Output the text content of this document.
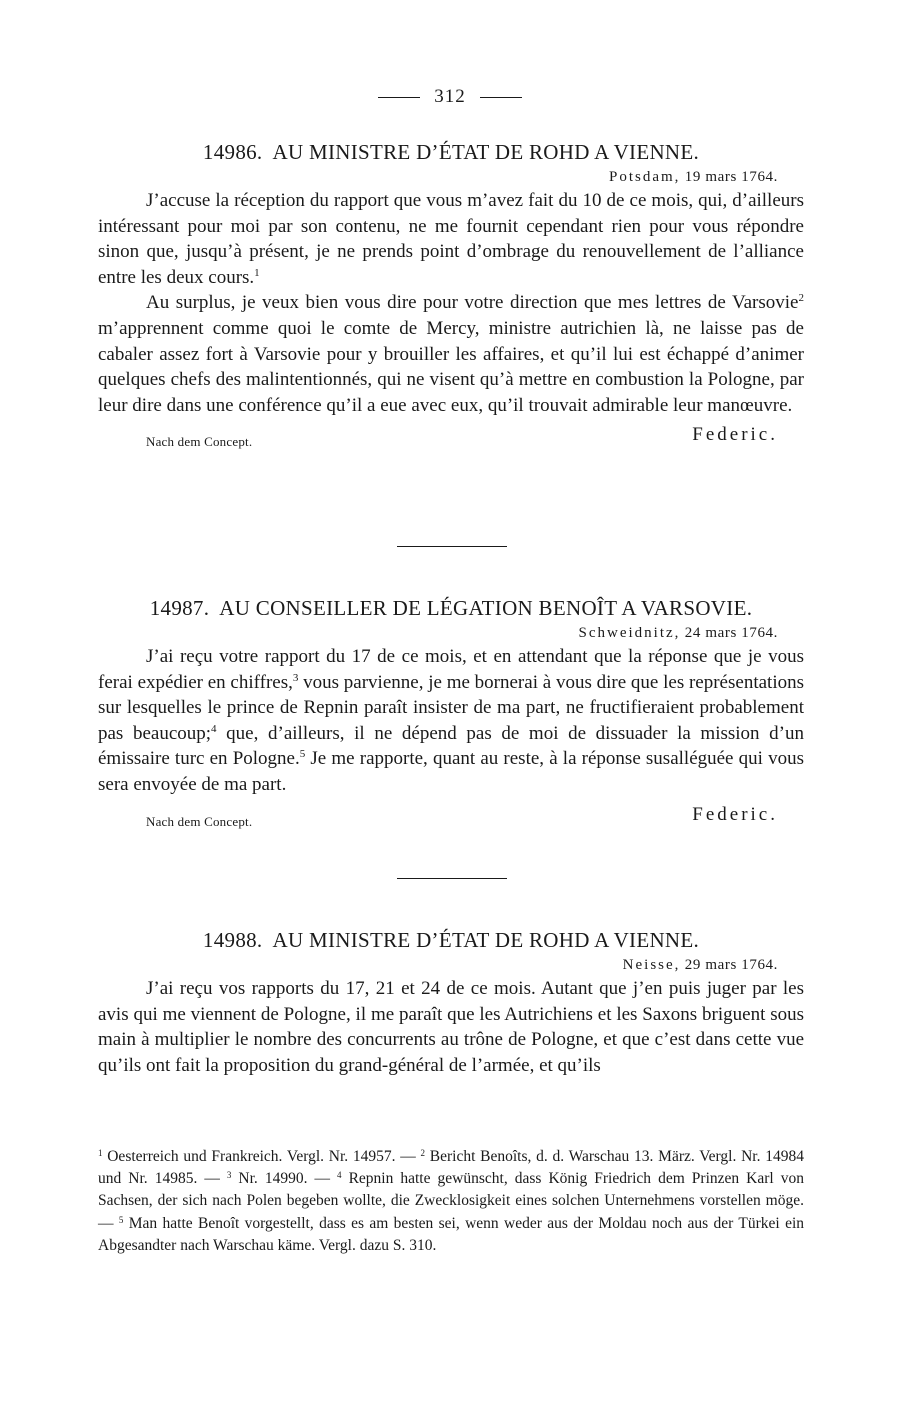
312
14986. AU MINISTRE D’ÉTAT DE ROHD A VIENNE.
Potsdam, 19 mars 1764.

J’accuse la réception du rapport que vous m’avez fait du 10 de ce mois, qui, d’ailleurs intéressant pour moi par son contenu, ne me fournit cependant rien pour vous répondre sinon que, jusqu’à présent, je ne prends point d’ombrage du renouvellement de l’alliance entre les deux cours.$^1$

Au surplus, je veux bien vous dire pour votre direction que mes lettres de Varsovie$^2$ m’apprennent comme quoi le comte de Mercy, ministre autrichien là, ne laisse pas de cabaler assez fort à Varsovie pour y brouiller les affaires, et qu’il lui est échappé d’animer quelques chefs des malintentionnés, qui ne visent qu’à mettre en combustion la Pologne, par leur dire dans une conférence qu’il a eue avec eux, qu’il trouvait admirable leur manœuvre.

Nach dem Concept.	Federic.
14987. AU CONSEILLER DE LÉGATION BENOÎT A VARSOVIE.
Schweidnitz, 24 mars 1764.

J’ai reçu votre rapport du 17 de ce mois, et en attendant que la réponse que je vous ferai expédier en chiffres,$^3$ vous parvienne, je me bornerai à vous dire que les représentations sur lesquelles le prince de Repnin paraît insister de ma part, ne fructifieraient probablement pas beaucoup;$^4$ que, d’ailleurs, il ne dépend pas de moi de dissuader la mission d’un émissaire turc en Pologne.$^5$ Je me rapporte, quant au reste, à la réponse susalléguée qui vous sera envoyée de ma part.

Nach dem Concept.	Federic.
14988. AU MINISTRE D’ÉTAT DE ROHD A VIENNE.
Neisse, 29 mars 1764.

J’ai reçu vos rapports du 17, 21 et 24 de ce mois. Autant que j’en puis juger par les avis qui me viennent de Pologne, il me paraît que les Autrichiens et les Saxons briguent sous main à multiplier le nombre des concurrents au trône de Pologne, et que c’est dans cette vue qu’ils ont fait la proposition du grand-général de l’armée, et qu’ils

$^1$ Oesterreich und Frankreich. Vergl. Nr. 14957. — $^2$ Bericht Benoîts, d. d. Warschau 13. März. Vergl. Nr. 14984 und Nr. 14985. — $^3$ Nr. 14990. — $^4$ Repnin hatte gewünscht, dass König Friedrich dem Prinzen Karl von Sachsen, der sich nach Polen begeben wollte, die Zwecklosigkeit eines solchen Unternehmens vorstellen möge. — $^5$ Man hatte Benoît vorgestellt, dass es am besten sei, wenn weder aus der Moldau noch aus der Türkei ein Abgesandter nach Warschau käme. Vergl. dazu S. 310.
